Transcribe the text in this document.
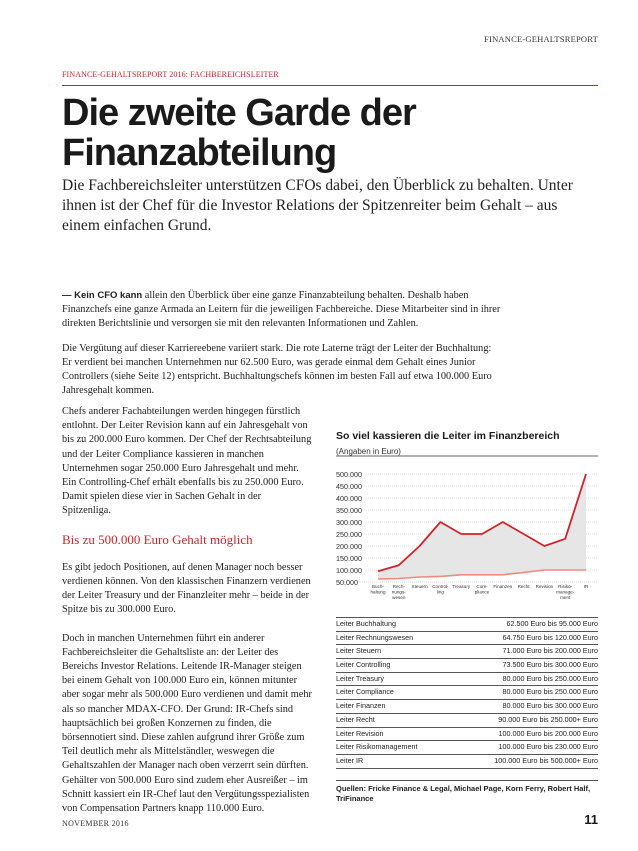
FINANCE-GEHALTSREPORT
FINANCE-GEHALTSREPORT 2016: FACHBEREICHSLEITER
Die zweite Garde der
Finanzabteilung
Die Fachbereichsleiter unterstützen CFOs dabei, den Überblick zu behalten. Unter ihnen ist der Chef für die Investor Relations der Spitzenreiter beim Gehalt – aus einem einfachen Grund.

— Kein CFO kann allein den Überblick über eine ganze Finanzabteilung behalten. Deshalb haben Finanzchefs eine ganze Armada an Leitern für die jeweiligen Fachbereiche. Diese Mitarbeiter sind in ihrer direkten Berichtslinie und versorgen sie mit den relevanten Informationen und Zahlen.

Die Vergütung auf dieser Karriereebene variiert stark. Die rote Laterne trägt der Leiter der Buchhaltung: Er verdient bei manchen Unternehmen nur 62.500 Euro, was gerade einmal dem Gehalt eines Junior Controllers (siehe Seite 12) entspricht. Buchhaltungschefs können im besten Fall auf etwa 100.000 Euro Jahresgehalt kommen.

Chefs anderer Fachabteilungen werden hingegen fürstlich entlohnt. Der Leiter Revision kann auf ein Jahresgehalt von bis zu 200.000 Euro kommen. Der Chef der Rechtsabteilung und der Leiter Compliance kassieren in manchen Unternehmen sogar 250.000 Euro Jahresgehalt und mehr. Ein Controlling-Chef erhält ebenfalls bis zu 250.000 Euro. Damit spielen diese vier in Sachen Gehalt in der Spitzenliga.

Bis zu 500.000 Euro Gehalt möglich

Es gibt jedoch Positionen, auf denen Manager noch besser verdienen können. Von den klassischen Finanzern verdienen der Leiter Treasury und der Finanzleiter mehr – beide in der Spitze bis zu 300.000 Euro.

Doch in manchen Unternehmen führt ein anderer Fachbereichsleiter die Gehaltsliste an: der Leiter des Bereichs Investor Relations. Leitende IR-Manager steigen bei einem Gehalt von 100.000 Euro ein, können mitunter aber sogar mehr als 500.000 Euro verdienen und damit mehr als so mancher MDAX-CFO. Der Grund: IR-Chefs sind hauptsächlich bei großen Konzernen zu finden, die börsennotiert sind. Diese zahlen aufgrund ihrer Größe zum Teil deutlich mehr als Mittelständler, weswegen die Gehaltszahlen der Manager nach oben verzerrt sein dürften. Gehälter von 500.000 Euro sind zudem eher Ausreißer – im Schnitt kassiert ein IR-Chef laut den Vergütungsspezialisten von Compensation Partners knapp 110.000 Euro.

So viel kassieren die Leiter im Finanzbereich
(Angaben in Euro)
500.000
450.000
400.000
350.000
300.000
250.000
200.000
150.000
100.000
50.000	Buch-haltung
Rech-nungs-wesen
Steuern Control-ling
Treasury	Com-pliance
Finanzen Recht Revision	Risiko-manage-ment
IR
Leiter Buchhaltung	62.500 Euro bis 95.000 Euro
Leiter Rechnungswesen	64.750 Euro bis 120.000 Euro
Leiter Steuern	71.000 Euro bis 200.000 Euro
Leiter Controlling	73.500 Euro bis 300.000 Euro
Leiter Treasury	80.000 Euro bis 250.000 Euro
Leiter Compliance	80.000 Euro bis 250.000 Euro
Leiter Finanzen	80.000 Euro bis 300.000 Euro
Leiter Recht	90.000 Euro bis 250.000+ Euro
Leiter Revision	100.000 Euro bis 200.000 Euro
Leiter Risikomanagement	100.000 Euro bis 230.000 Euro
Leiter IR	100.000 Euro bis 500.000+ Euro
Quellen: Fricke Finance & Legal, Michael Page, Korn Ferry, Robert Half, TriFinance
NOVEMBER 2016	11
